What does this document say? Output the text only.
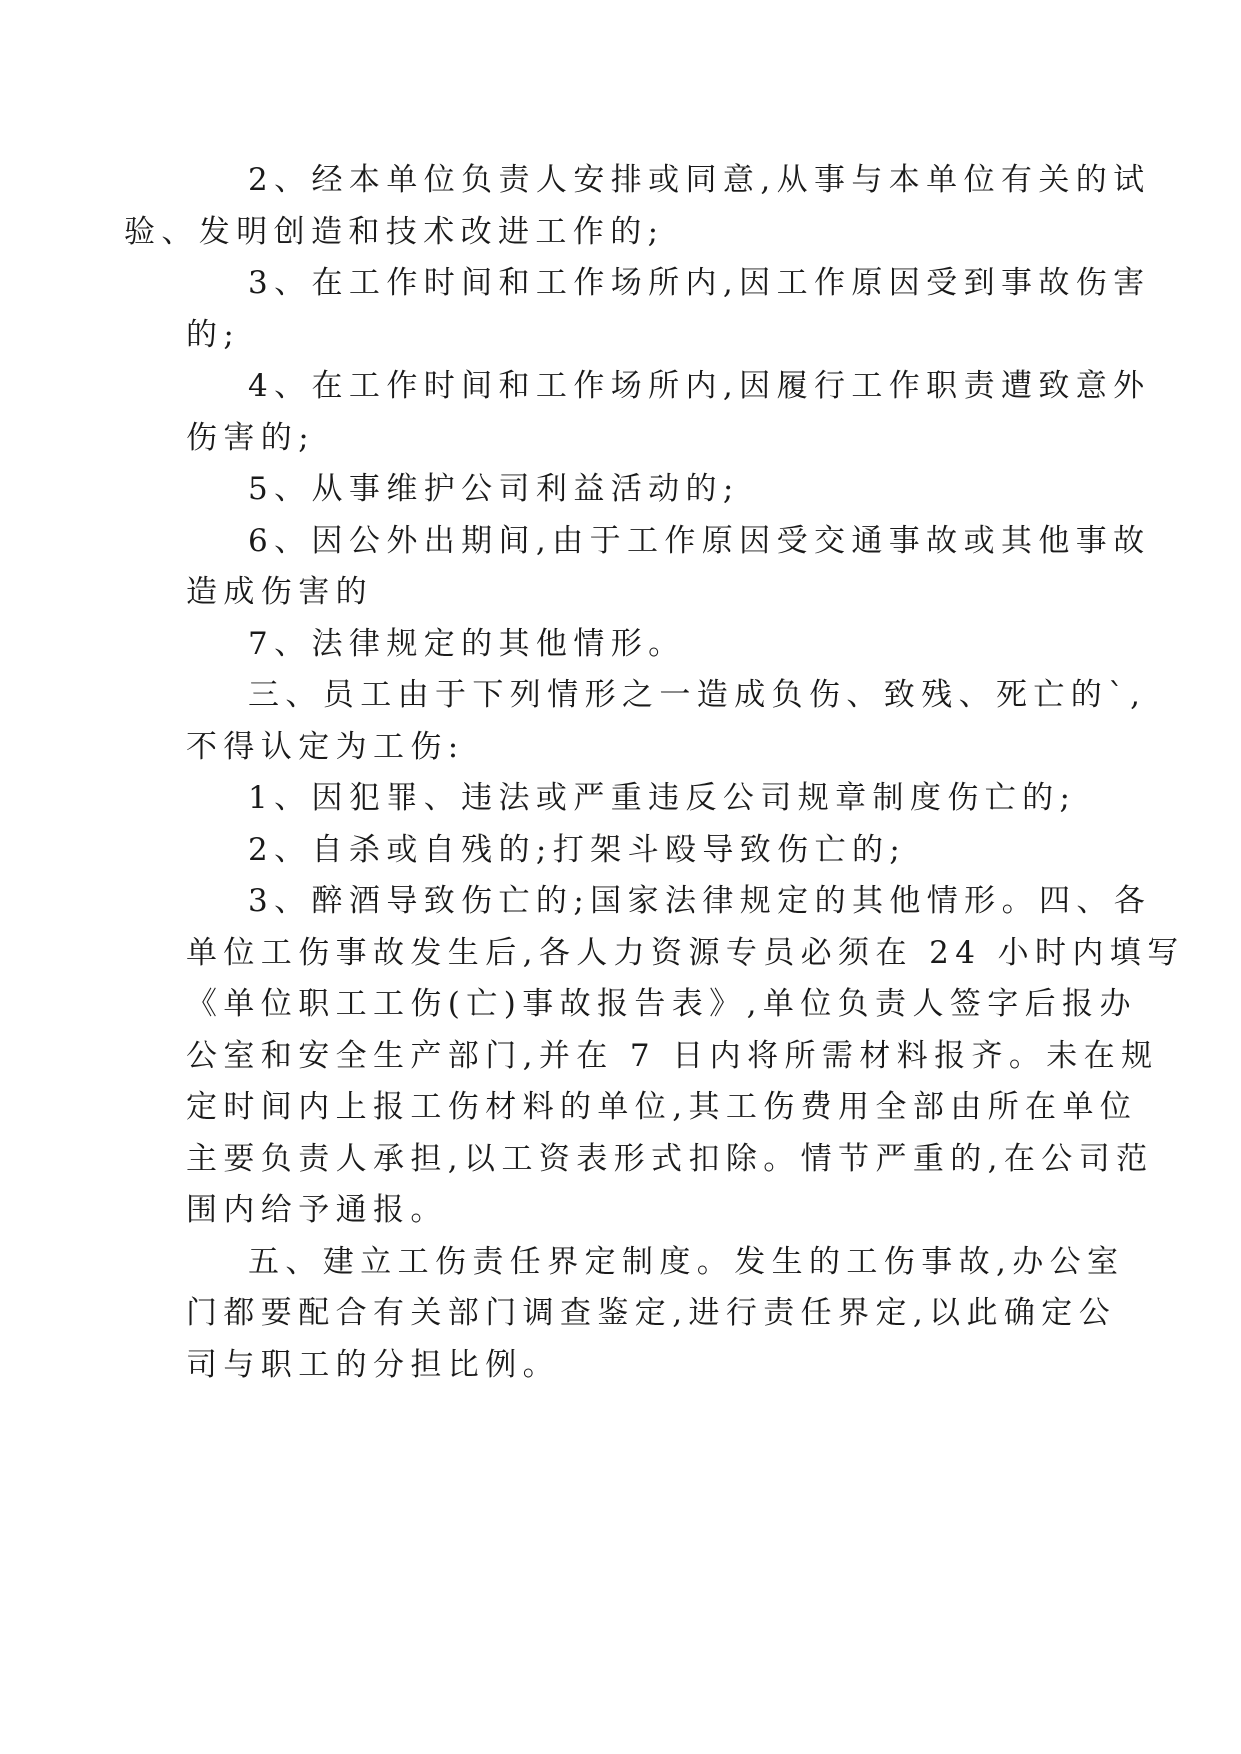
2、经本单位负责人安排或同意,从事与本单位有关的试
验、发明创造和技术改进工作的;

3、在工作时间和工作场所内,因工作原因受到事故伤害
的;

4、在工作时间和工作场所内,因履行工作职责遭致意外
伤害的;

5、从事维护公司利益活动的;

6、因公外出期间,由于工作原因受交通事故或其他事故
造成伤害的

7、法律规定的其他情形。

三、员工由于下列情形之一造成负伤、致残、死亡的`,
不得认定为工伤:

1、因犯罪、违法或严重违反公司规章制度伤亡的;

2、自杀或自残的;打架斗殴导致伤亡的;

3、醉酒导致伤亡的;国家法律规定的其他情形。四、各
单位工伤事故发生后,各人力资源专员必须在 24 小时内填写
《单位职工工伤(亡)事故报告表》,单位负责人签字后报办
公室和安全生产部门,并在 7 日内将所需材料报齐。未在规
定时间内上报工伤材料的单位,其工伤费用全部由所在单位
主要负责人承担,以工资表形式扣除。情节严重的,在公司范
围内给予通报。

五、建立工伤责任界定制度。发生的工伤事故,办公室
门都要配合有关部门调查鉴定,进行责任界定,以此确定公
司与职工的分担比例。
